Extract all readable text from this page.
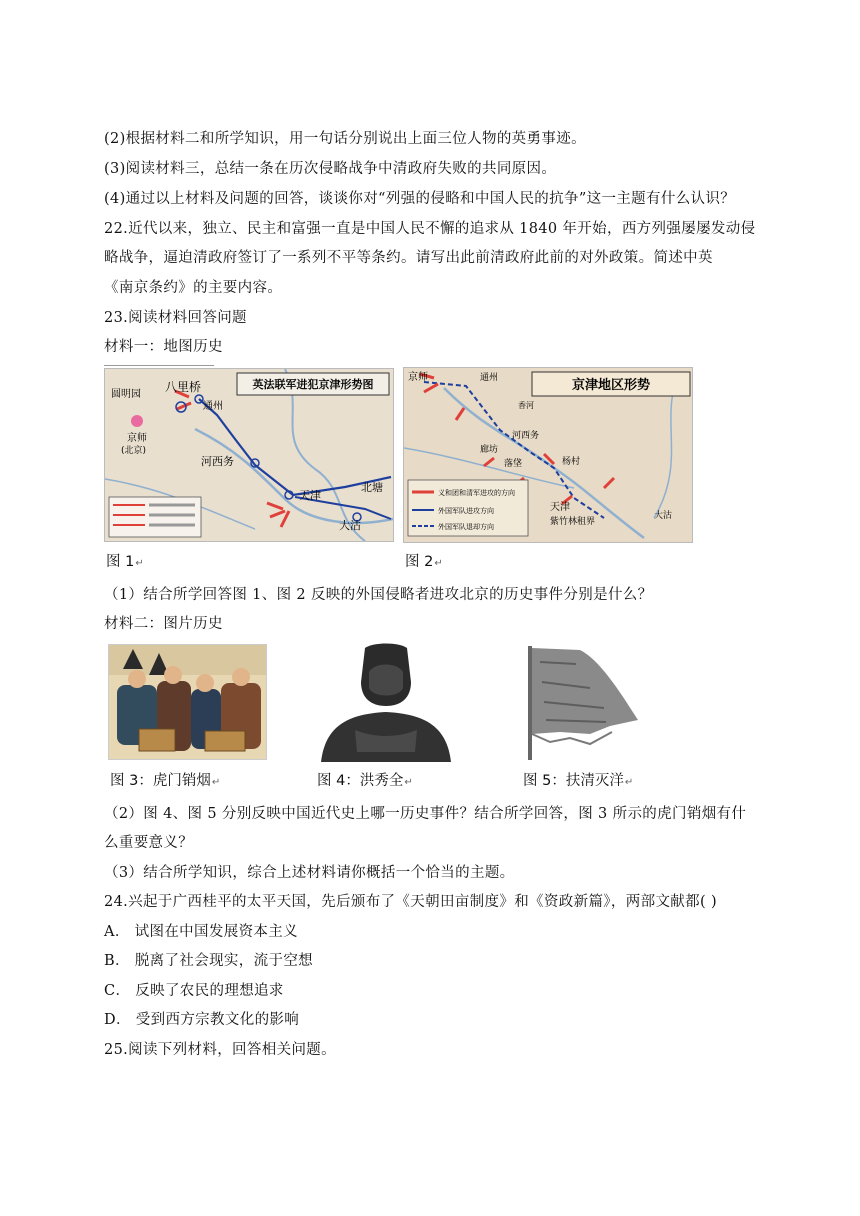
(2)根据材料二和所学知识，用一句话分别说出上面三位人物的英勇事迹。
(3)阅读材料三，总结一条在历次侵略战争中清政府失败的共同原因。
(4)通过以上材料及问题的回答，谈谈你对“列强的侵略和中国人民的抗争”这一主题有什么认识？
22.近代以来，独立、民主和富强一直是中国人民不懈的追求从 1840 年开始，西方列强屡屡发动侵
略战争，逼迫清政府签订了一系列不平等条约。请写出此前清政府此前的对外政策。简述中英
《南京条约》的主要内容。
23.阅读材料回答问题
材料一：地图历史
英法联军进犯京津形势图
圆明园
八里桥
通州
京师
(北京)
河西务
天津
北塘
大沽
京津地区形势
义和团和清军进攻的方向
外国军队进攻方向
外国军队退却方向
京师	通州
河西务
廊坊
落垡	杨村
天津
紫竹林租界
香河
大沽
图 1↵	图 2↵
（1）结合所学回答图 1、图 2 反映的外国侵略者进攻北京的历史事件分别是什么？
材料二：图片历史
图 3：虎门销烟↵	图 4：洪秀全↵	图 5：扶清灭洋↵
（2）图 4、图 5 分别反映中国近代史上哪一历史事件？结合所学回答，图 3 所示的虎门销烟有什
么重要意义？
（3）结合所学知识，综合上述材料请你概括一个恰当的主题。
24.兴起于广西桂平的太平天国，先后颁布了《天朝田亩制度》和《资政新篇》，两部文献都( )
A． 试图在中国发展资本主义
B． 脱离了社会现实，流于空想
C． 反映了农民的理想追求
D． 受到西方宗教文化的影响
25.阅读下列材料，回答相关问题。
